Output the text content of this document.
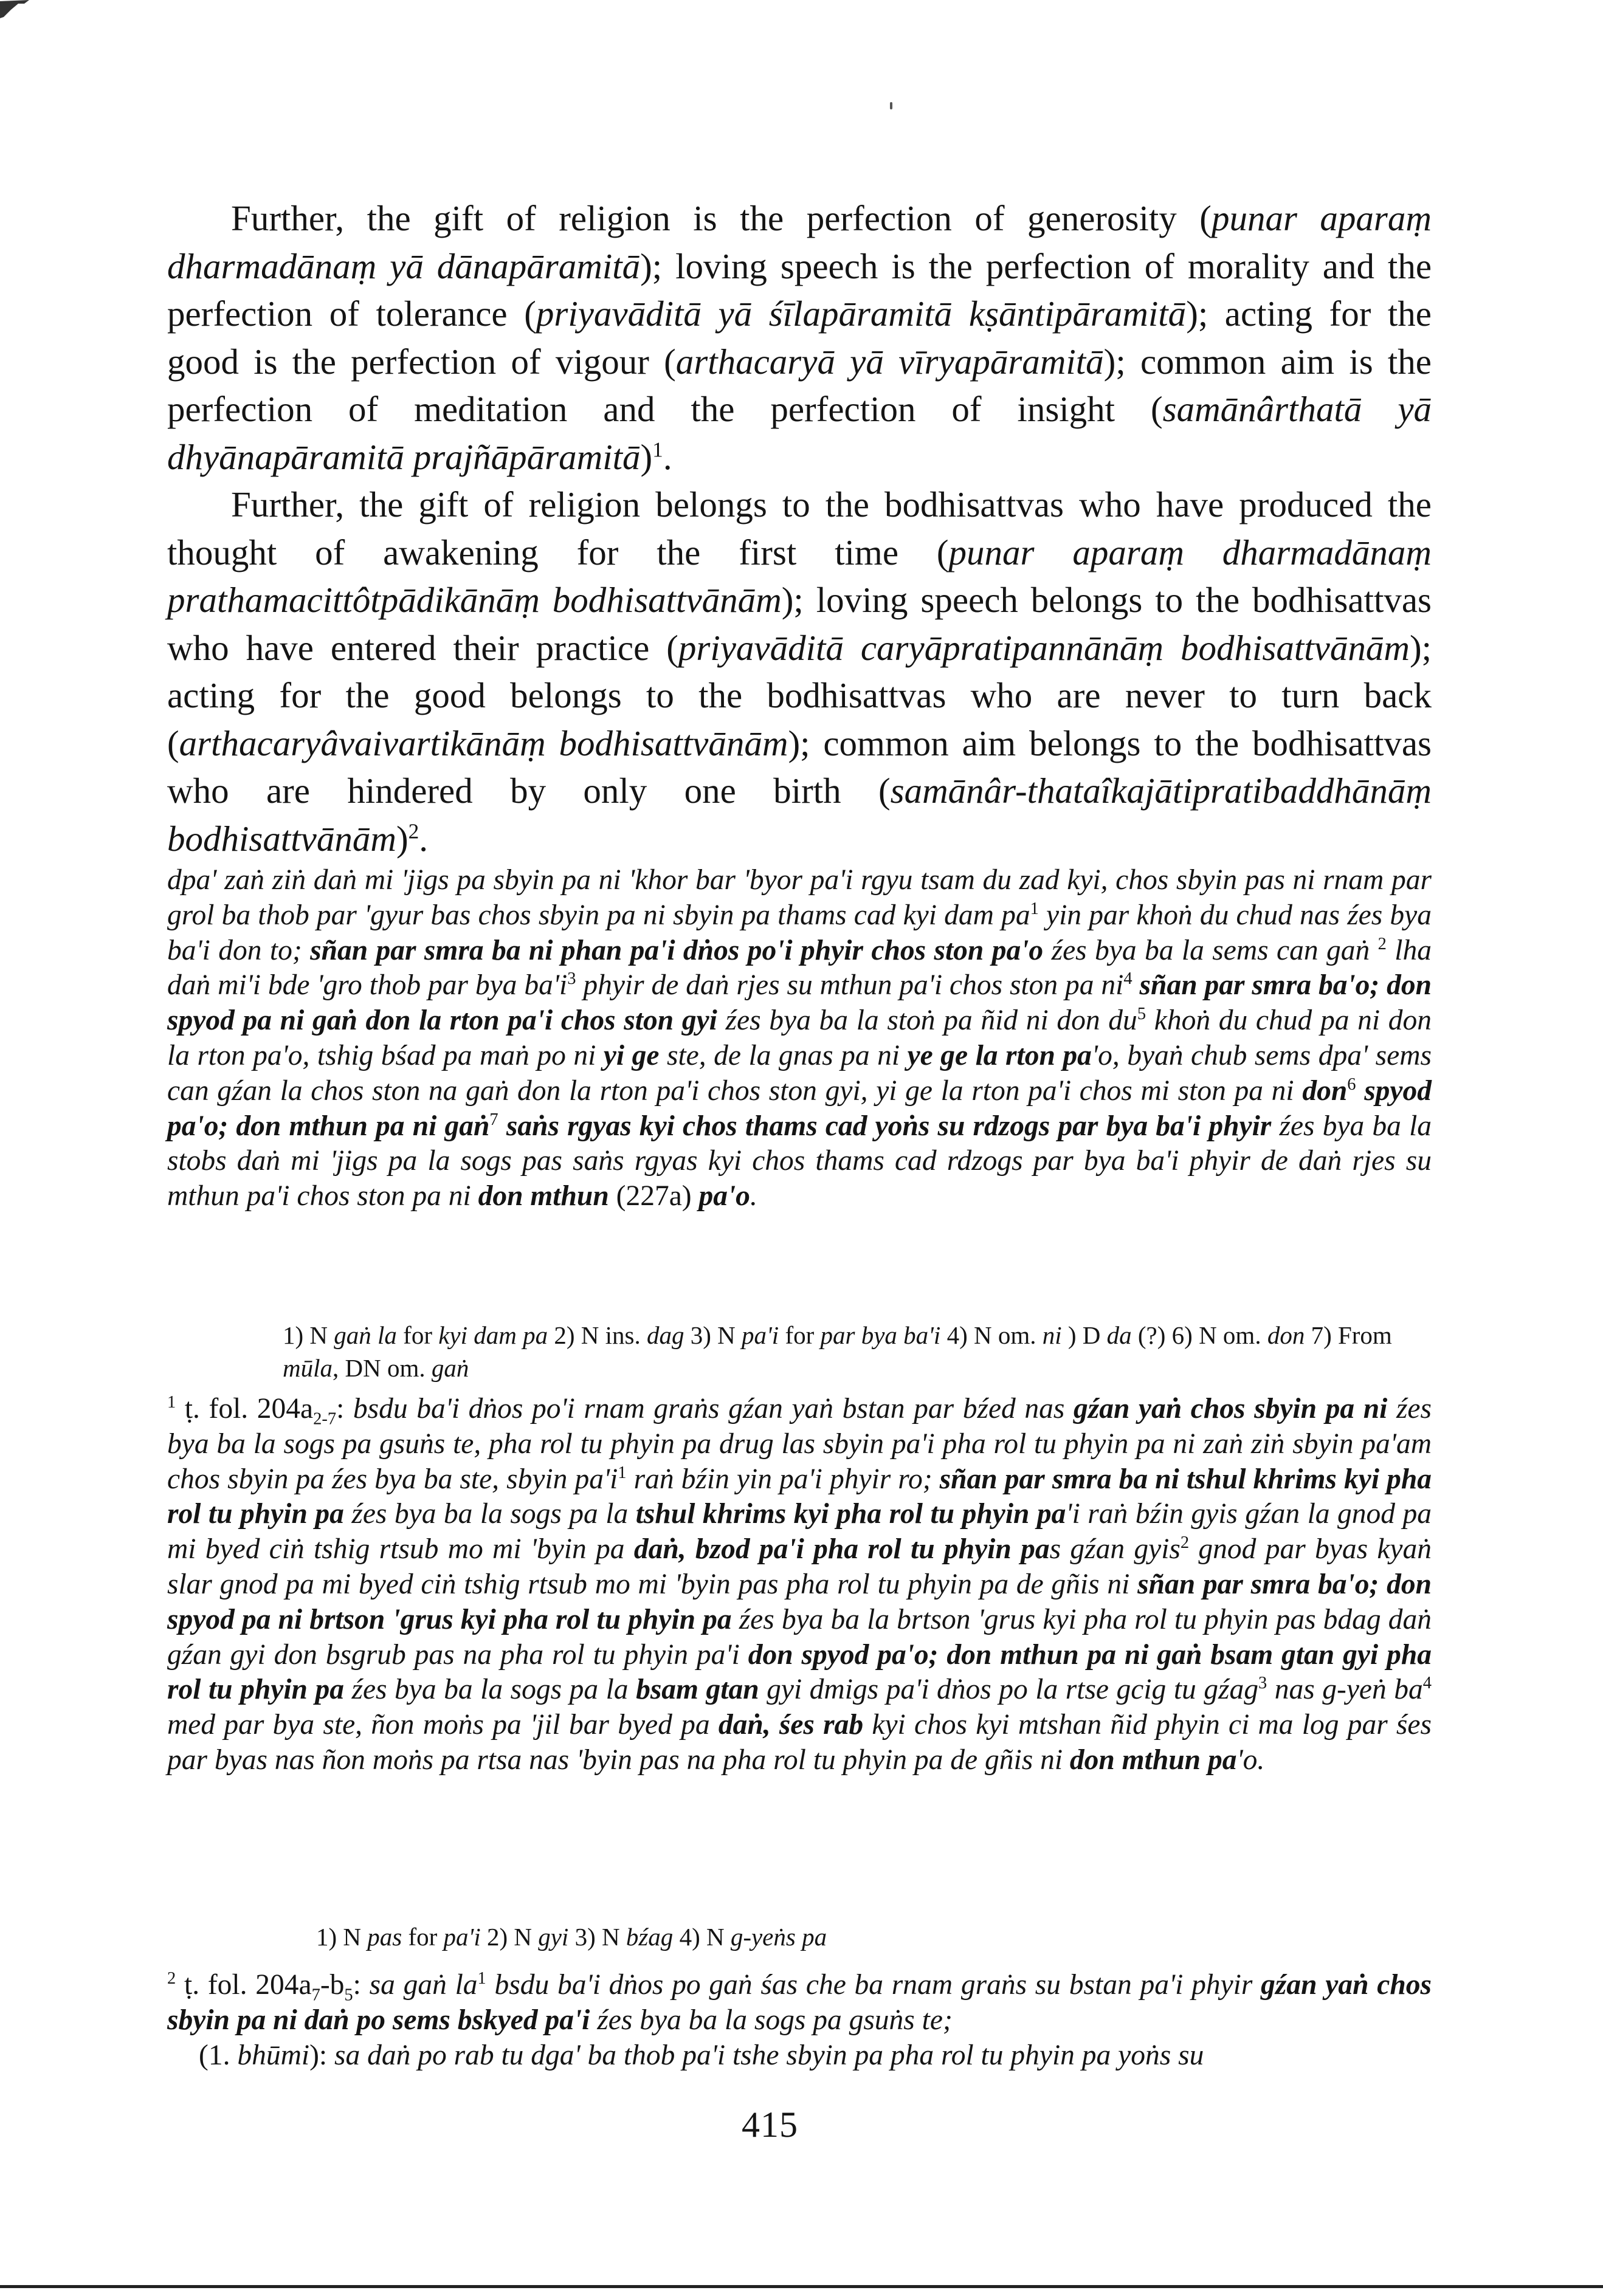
Further, the gift of religion is the perfection of generosity (punar aparaṃ dharmadānaṃ yā dānapāramitā); loving speech is the perfection of morality and the perfection of tolerance (priyavāditā yā śīlapāramitā kṣāntipāramitā); acting for the good is the perfection of vigour (arthacaryā yā vīryapāramitā); common aim is the perfection of meditation and the perfection of insight (samānârthatā yā dhyānapāramitā prajñāpāramitā)$^1$.

Further, the gift of religion belongs to the bodhisattvas who have produced the thought of awakening for the first time (punar aparaṃ dharmadānaṃ prathamacittôtpādikānāṃ bodhisattvānām); loving speech belongs to the bodhisattvas who have entered their practice (priyavāditā caryāpratipannānāṃ bodhisattvānām); acting for the good belongs to the bodhisattvas who are never to turn back (arthacaryâvaivartikānāṃ bodhisattvānām); common aim belongs to the bodhisattvas who are hindered by only one birth (samānâr-thataîkajātipratibaddhānāṃ bodhisattvānām)$^2$.

dpa' zaṅ ziṅ daṅ mi 'jigs pa sbyin pa ni 'khor bar 'byor pa'i rgyu tsam du zad kyi, chos sbyin pas ni rnam par grol ba thob par 'gyur bas chos sbyin pa ni sbyin pa thams cad kyi dam $pa^1$ yin par khoṅ du chud nas źes bya ba'i don to; sñan par smra ba ni phan pa'i dṅos po'i phyir chos ston pa'o źes bya ba la sems can gaṅ $^2$ lha daṅ mi'i bde 'gro thob par bya $ba'i^3$ phyir de daṅ rjes su mthun pa'i chos ston pa $ni^4$ sñan par smra ba'o; don spyod pa ni gaṅ don la rton pa'i chos ston gyi źes bya ba la stoṅ pa ñid ni don $du^5$ khoṅ du chud pa ni don la rton pa'o, tshig bśad pa maṅ po ni yi ge ste, de la gnas pa ni ye ge la rton pa'o, byaṅ chub sems dpa' sems can gźan la chos ston na gaṅ don la rton pa'i chos ston gyi, yi ge la rton pa'i chos mi ston pa ni don$^6$ spyod pa'o; don mthun pa ni gaṅ$^7$ saṅs rgyas kyi chos thams cad yoṅs su rdzogs par bya ba'i phyir źes bya ba la stobs daṅ mi 'jigs pa la sogs pas saṅs rgyas kyi chos thams cad rdzogs par bya ba'i phyir de daṅ rjes su mthun pa'i chos ston pa ni don mthun (227a) pa'o.

1) N gaṅ la for kyi dam pa 2) N ins. dag 3) N pa'i for par bya ba'i 4) N om. ni ) D da (?) 6) N om. don 7) From mūla, DN om. gaṅ

$^1$ ṭ. fol. $204a_{2-7}$: bsdu ba'i dṅos po'i rnam graṅs gźan yaṅ bstan par bźed nas gźan yaṅ chos sbyin pa ni źes bya ba la sogs pa gsuṅs te, pha rol tu phyin pa drug las sbyin pa'i pha rol tu phyin pa ni zaṅ ziṅ sbyin pa'am chos sbyin pa źes bya ba ste, sbyin $pa'i^1$ raṅ bźin yin pa'i phyir ro; sñan par smra ba ni tshul khrims kyi pha rol tu phyin pa źes bya ba la sogs pa la tshul khrims kyi pha rol tu phyin pa'i raṅ bźin gyis gźan la gnod pa mi byed ciṅ tshig rtsub mo mi 'byin pa daṅ, bzod pa'i pha rol tu phyin pas gźan gyis$^2$ gnod par byas kyaṅ slar gnod pa mi byed ciṅ tshig rtsub mo mi 'byin pas pha rol tu phyin pa de gñis ni sñan par smra ba'o; don spyod pa ni brtson 'grus kyi pha rol tu phyin pa źes bya ba la brtson 'grus kyi pha rol tu phyin pas bdag daṅ gźan gyi don bsgrub pas na pha rol tu phyin pa'i don spyod pa'o; don mthun pa ni gaṅ bsam gtan gyi pha rol tu phyin pa źes bya ba la sogs pa la bsam gtan gyi dmigs pa'i dṅos po la rtse gcig tu gźag$^3$ nas g-yeṅ $ba^4$ med par bya ste, ñon moṅs pa 'jil bar byed pa daṅ, śes rab kyi chos kyi mtshan ñid phyin ci ma log par śes par byas nas ñon moṅs pa rtsa nas 'byin pas na pha rol tu phyin pa de gñis ni don mthun pa'o.

1) N pas for pa'i 2) N gyi 3) N bźag 4) N g-yeṅs pa

$^2$ ṭ. fol. $204a_7-b_5$: sa gaṅ $la^1$ bsdu ba'i dṅos po gaṅ śas che ba rnam graṅs su bstan pa'i phyir gźan yaṅ chos sbyin pa ni daṅ po sems bskyed pa'i źes bya ba la sogs pa gsuṅs te;

(1. bhūmi): sa daṅ po rab tu dga' ba thob pa'i tshe sbyin pa pha rol tu phyin pa yoṅs su

415
